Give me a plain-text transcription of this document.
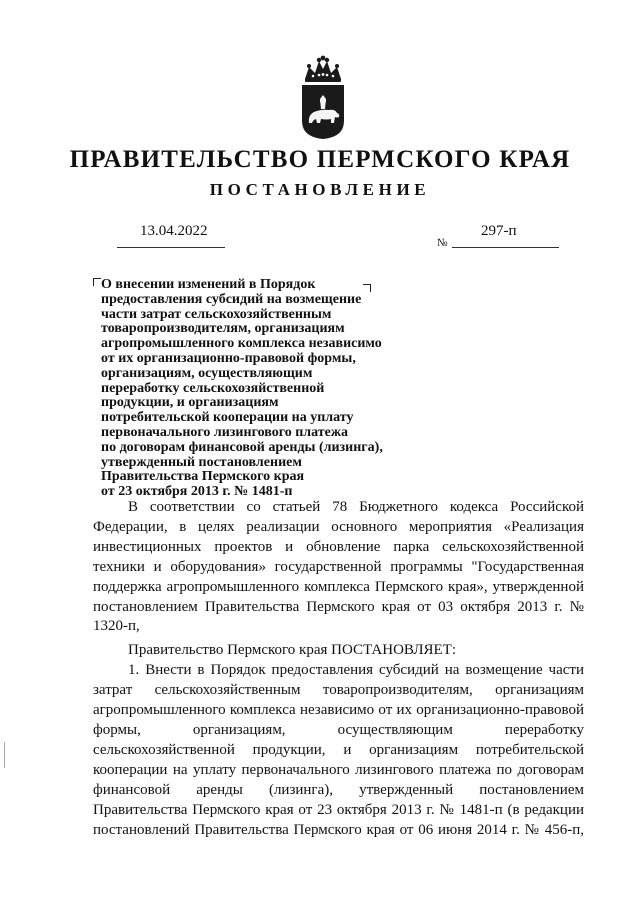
ПРАВИТЕЛЬСТВО ПЕРМСКОГО КРАЯ
ПОСТАНОВЛЕНИЕ
13.04.2022
№
297-п
О внесении изменений в Порядок
предоставления субсидий на возмещение
части затрат сельскохозяйственным
товаропроизводителям, организациям
агропромышленного комплекса независимо
от их организационно-правовой формы,
организациям, осуществляющим
переработку сельскохозяйственной
продукции, и организациям
потребительской кооперации на уплату
первоначального лизингового платежа
по договорам финансовой аренды (лизинга),
утвержденный постановлением
Правительства Пермского края
от 23 октября 2013 г. № 1481-п
В соответствии со статьей 78 Бюджетного кодекса Российской Федерации, в целях реализации основного мероприятия «Реализация инвестиционных проектов и обновление парка сельскохозяйственной техники и оборудования» государственной программы "Государственная поддержка агропромышленного комплекса Пермского края», утвержденной постановлением Правительства Пермского края от 03 октября 2013 г. № 1320-п,
Правительство Пермского края ПОСТАНОВЛЯЕТ:
1. Внести в Порядок предоставления субсидий на возмещение части затрат сельскохозяйственным товаропроизводителям, организациям агропромышленного комплекса независимо от их организационно-правовой формы, организациям, осуществляющим переработку сельскохозяйственной продукции, и организациям потребительской кооперации на уплату первоначального лизингового платежа по договорам финансовой аренды (лизинга), утвержденный постановлением Правительства Пермского края от 23 октября 2013 г. № 1481-п (в редакции постановлений Правительства Пермского края от 06 июня 2014 г. № 456-п,
